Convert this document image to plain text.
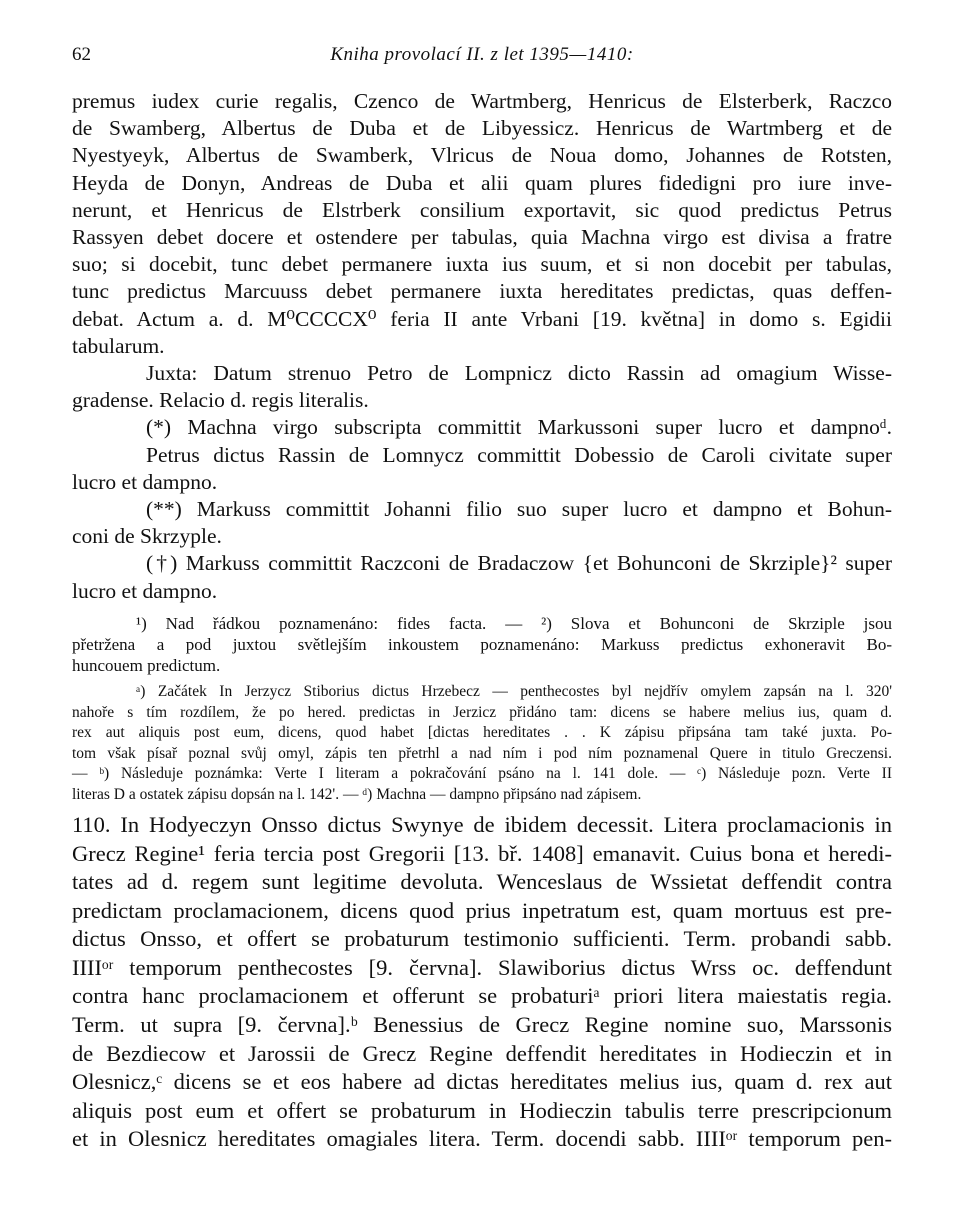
62	Kniha provolací II. z let 1395—1410:
premus iudex curie regalis, Czenco de Wartmberg, Henricus de Elsterberk, Raczco
de Swamberg, Albertus de Duba et de Libyessicz. Henricus de Wartmberg et de
Nyestyeyk, Albertus de Swamberk, Vlricus de Noua domo, Johannes de Rotsten,
Heyda de Donyn, Andreas de Duba et alii quam plures fidedigni pro iure inve-
nerunt, et Henricus de Elstrberk consilium exportavit, sic quod predictus Petrus
Rassyen debet docere et ostendere per tabulas, quia Machna virgo est divisa a fratre
suo; si docebit, tunc debet permanere iuxta ius suum, et si non docebit per tabulas,
tunc predictus Marcuuss debet permanere iuxta hereditates predictas, quas deffen-
debat. Actum a. d. M⁰CCCCX⁰ feria II ante Vrbani [19. května] in domo s. Egidii
tabularum.
Juxta: Datum strenuo Petro de Lompnicz dicto Rassin ad omagium Wisse-
gradense. Relacio d. regis literalis.
(*) Machna virgo subscripta committit Markussoni super lucro et dampnoᵈ.
Petrus dictus Rassin de Lomnycz committit Dobessio de Caroli civitate super
lucro et dampno.
(**) Markuss committit Johanni filio suo super lucro et dampno et Bohun-
coni de Skrzyple.
(†) Markuss committit Raczconi de Bradaczow {et Bohunconi de Skrziple}² super
lucro et dampno.
¹) Nad řádkou poznamenáno: fides facta. — ²) Slova et Bohunconi de Skrziple jsou
přetržena a pod juxtou světlejším inkoustem poznamenáno: Markuss predictus exhoneravit Bo-
huncouem predictum.
ᵃ) Začátek In Jerzycz Stiborius dictus Hrzebecz — penthecostes byl nejdřív omylem zapsán na l. 320'
nahoře s tím rozdílem, že po hered. predictas in Jerzicz přidáno tam: dicens se habere melius ius, quam d.
rex aut aliquis post eum, dicens, quod habet [dictas hereditates . . K zápisu připsána tam také juxta. Po-
tom však písař poznal svůj omyl, zápis ten přetrhl a nad ním i pod ním poznamenal Quere in titulo Greczensi.
— ᵇ) Následuje poznámka: Verte I literam a pokračování psáno na l. 141 dole. — ᶜ) Následuje pozn. Verte II
literas D a ostatek zápisu dopsán na l. 142'. — ᵈ) Machna — dampno připsáno nad zápisem.
110. In Hodyeczyn Onsso dictus Swynye de ibidem decessit. Litera proclamacionis in
Grecz Regine¹ feria tercia post Gregorii [13. bř. 1408] emanavit. Cuius bona et heredi-
tates ad d. regem sunt legitime devoluta. Wenceslaus de Wssietat deffendit contra
predictam proclamacionem, dicens quod prius inpetratum est, quam mortuus est pre-
dictus Onsso, et offert se probaturum testimonio sufficienti. Term. probandi sabb.
IIIIᵒʳ temporum penthecostes [9. června]. Slawiborius dictus Wrss oc. deffendunt
contra hanc proclamacionem et offerunt se probaturiᵃ priori litera maiestatis regia.
Term. ut supra [9. června].ᵇ Benessius de Grecz Regine nomine suo, Marssonis
de Bezdiecow et Jarossii de Grecz Regine deffendit hereditates in Hodieczin et in
Olesnicz,ᶜ dicens se et eos habere ad dictas hereditates melius ius, quam d. rex aut
aliquis post eum et offert se probaturum in Hodieczin tabulis terre prescripcionum
et in Olesnicz hereditates omagiales litera. Term. docendi sabb. IIIIᵒʳ temporum pen-
